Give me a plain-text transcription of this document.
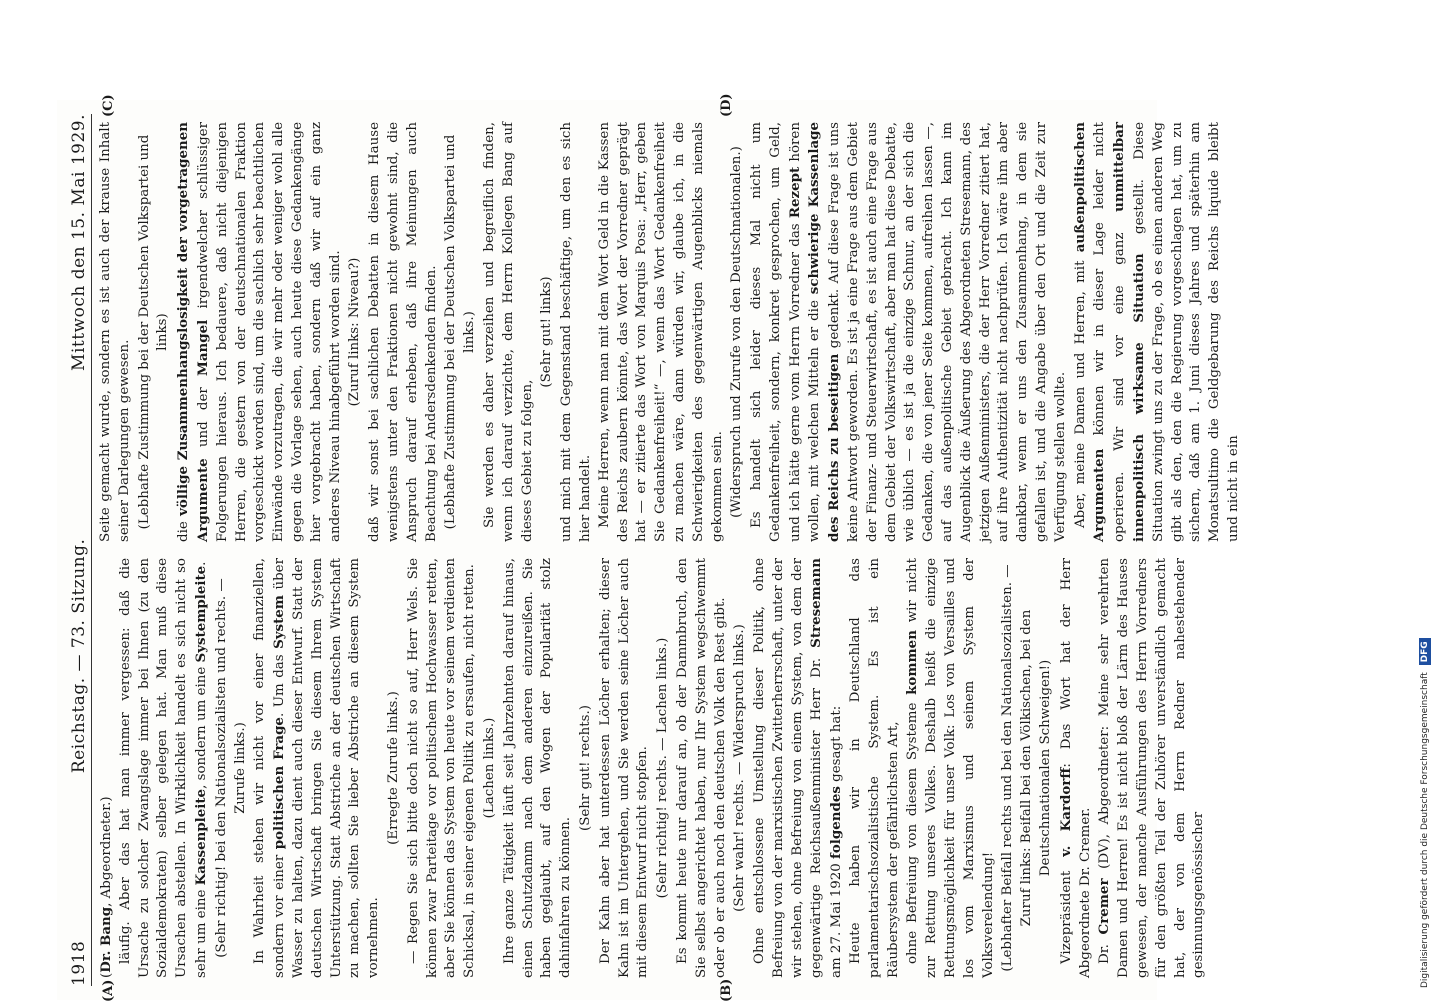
1918
Reichstag. — 73. Sitzung.
Mittwoch den 15. Mai 1929.
(A)	(B)
(C)	(D)

(Dr. Bang, Abgeordneter.) läufig. Aber das hat man immer vergessen: daß die Ursache zu solcher Zwangslage immer bei Ihnen (zu den Sozialdemokraten) selber gelegen hat. Man muß diese Ursachen abstellen. In Wirklichkeit handelt es sich nicht so sehr um eine Kassenpleite, sondern um eine Systempleite.

(Sehr richtig! bei den Nationalsozialisten und rechts. — Zurufe links.) In Wahrheit stehen wir nicht vor einer finanziellen, sondern vor einer politischen Frage. Um das System über Wasser zu halten, dazu dient auch dieser Entwurf. Statt der deutschen Wirtschaft bringen Sie diesem Ihrem System Unterstützung. Statt Abstriche an der deutschen Wirtschaft zu machen, sollten Sie lieber Abstriche an diesem System vornehmen.

(Erregte Zurufe links.) — Regen Sie sich bitte doch nicht so auf, Herr Wels. Sie können zwar Parteitage vor politischem Hochwasser retten, aber Sie können das System von heute vor seinem verdienten Schicksal, in seiner eigenen Politik zu ersaufen, nicht retten. (Lachen links.) Ihre ganze Tätigkeit läuft seit Jahrzehnten darauf hinaus, einen Schutzdamm nach dem anderen einzureißen. Sie haben geglaubt, auf den Wogen der Popularität stolz dahinfahren zu können.

(Sehr gut! rechts.) Der Kahn aber hat unterdessen Löcher erhalten; dieser Kahn ist im Untergehen, und Sie werden seine Löcher auch mit diesem Entwurf nicht stopfen. (Sehr richtig! rechts. — Lachen links.) Es kommt heute nur darauf an, ob der Dammbruch, den Sie selbst angerichtet haben, nur Ihr System wegschwemmt oder ob er auch noch den deutschen Volk den Rest gibt. (Sehr wahr! rechts. — Widerspruch links.) Ohne entschlossene Umstellung dieser Politik, ohne Befreiung von der marxistischen Zwitterherrschaft, unter der wir stehen, ohne Befreiung von einem System, von dem der gegenwärtige Reichsaußenminister Herr Dr. Stresemann am 27. Mai 1920 folgendes gesagt hat: Heute haben wir in Deutschland das parlamentarischsozialistische System. Es ist ein Räubersystem der gefährlichsten Art, ohne Befreiung von diesem Systeme kommen wir nicht zur Rettung unseres Volkes. Deshalb heißt die einzige Rettungsmöglichkeit für unser Volk: Los von Versailles und los vom Marxismus und seinem System der Volksverelendung! (Lebhafter Beifall rechts und bei den Nationalsozialisten. — Zuruf links: Beifall bei den Völkischen, bei den Deutschnationalen Schweigen!)

Vizepräsident v. Kardorff: Das Wort hat der Herr Abgeordnete Dr. Cremer. Dr. Cremer (DV), Abgeordneter: Meine sehr verehrten Damen und Herren! Es ist nicht bloß der Lärm des Hauses gewesen, der manche Ausführungen des Herrn Vorredners für den größten Teil der Zuhörer unverständlich gemacht hat, der von dem Herrn Redner nahestehender gesinnungsgenössischer

Seite gemacht wurde, sondern es ist auch der krause Inhalt seiner Darlegungen gewesen. (Lebhafte Zustimmung bei der Deutschen Volkspartei und links)

die völlige Zusammenhangslosigkeit der vorgetragenen Argumente und der Mangel irgendwelcher schlüssiger Folgerungen hieraus. Ich bedauere, daß nicht diejenigen Herren, die gestern von der deutschnationalen Fraktion vorgeschickt worden sind, um die sachlich sehr beachtlichen Einwände vorzutragen, die wir mehr oder weniger wohl alle gegen die Vorlage sehen, auch heute diese Gedankengänge hier vorgebracht haben, sondern daß wir auf ein ganz anderes Niveau hinabgeführt worden sind. (Zuruf links: Niveau?) daß wir sonst bei sachlichen Debatten in diesem Hause wenigstens unter den Fraktionen nicht gewohnt sind, die Anspruch darauf erheben, daß ihre Meinungen auch Beachtung bei Andersdenkenden finden. (Lebhafte Zustimmung bei der Deutschen Volkspartei und links.) Sie werden es daher verzeihen und begreiflich finden, wenn ich darauf verzichte, dem Herrn Kollegen Bang auf dieses Gebiet zu folgen,

(Sehr gut! links) und mich mit dem Gegenstand beschäftige, um den es sich hier handelt. Meine Herren, wenn man mit dem Wort Geld in die Kassen des Reichs zaubern könnte, das Wort der Vorredner geprägt hat — er zitierte das Wort von Marquis Posa: „Herr, geben Sie Gedankenfreiheit!“ —, wenn das Wort Gedankenfreiheit zu machen wäre, dann würden wir, glaube ich, in die Schwierigkeiten des gegenwärtigen Augenblicks niemals gekommen sein. (Widerspruch und Zurufe von den Deutschnationalen.) Es handelt sich leider dieses Mal nicht um Gedankenfreiheit, sondern, konkret gesprochen, um Geld, und ich hätte gerne vom Herrn Vorredner das Rezept hören wollen, mit welchen Mitteln er die schwierige Kassenlage des Reichs zu beseitigen gedenkt. Auf diese Frage ist uns keine Antwort geworden. Es ist ja eine Frage aus dem Gebiet der Finanz- und Steuerwirtschaft, es ist auch eine Frage aus dem Gebiet der Volkswirtschaft, aber man hat diese Debatte, wie üblich — es ist ja die einzige Schnur, an der sich die Gedanken, die von jener Seite kommen, aufreihen lassen —, auf das außenpolitische Gebiet gebracht. Ich kann im Augenblick die Äußerung des Abgeordneten Stresemann, des jetzigen Außenministers, die der Herr Vorredner zitiert hat, auf ihre Authentizität nicht nachprüfen. Ich wäre ihm aber dankbar, wenn er uns den Zusammenhang, in dem sie gefallen ist, und die Angabe über den Ort und die Zeit zur Verfügung stellen wollte. Aber, meine Damen und Herren, mit außenpolitischen Argumenten können wir in dieser Lage leider nicht operieren. Wir sind vor eine ganz unmittelbar innenpolitisch wirksame Situation gestellt. Diese Situation zwingt uns zu der Frage, ob es einen anderen Weg gibt als den, den die Regierung vorgeschlagen hat, um zu sichern, daß am 1. Juni dieses Jahres und späterhin am Monatsultimo die Geldgebarung des Reichs liquide bleibt und nicht in ein

Digitalisierung gefördert durch die Deutsche Forschungsgemeinschaft DFG
